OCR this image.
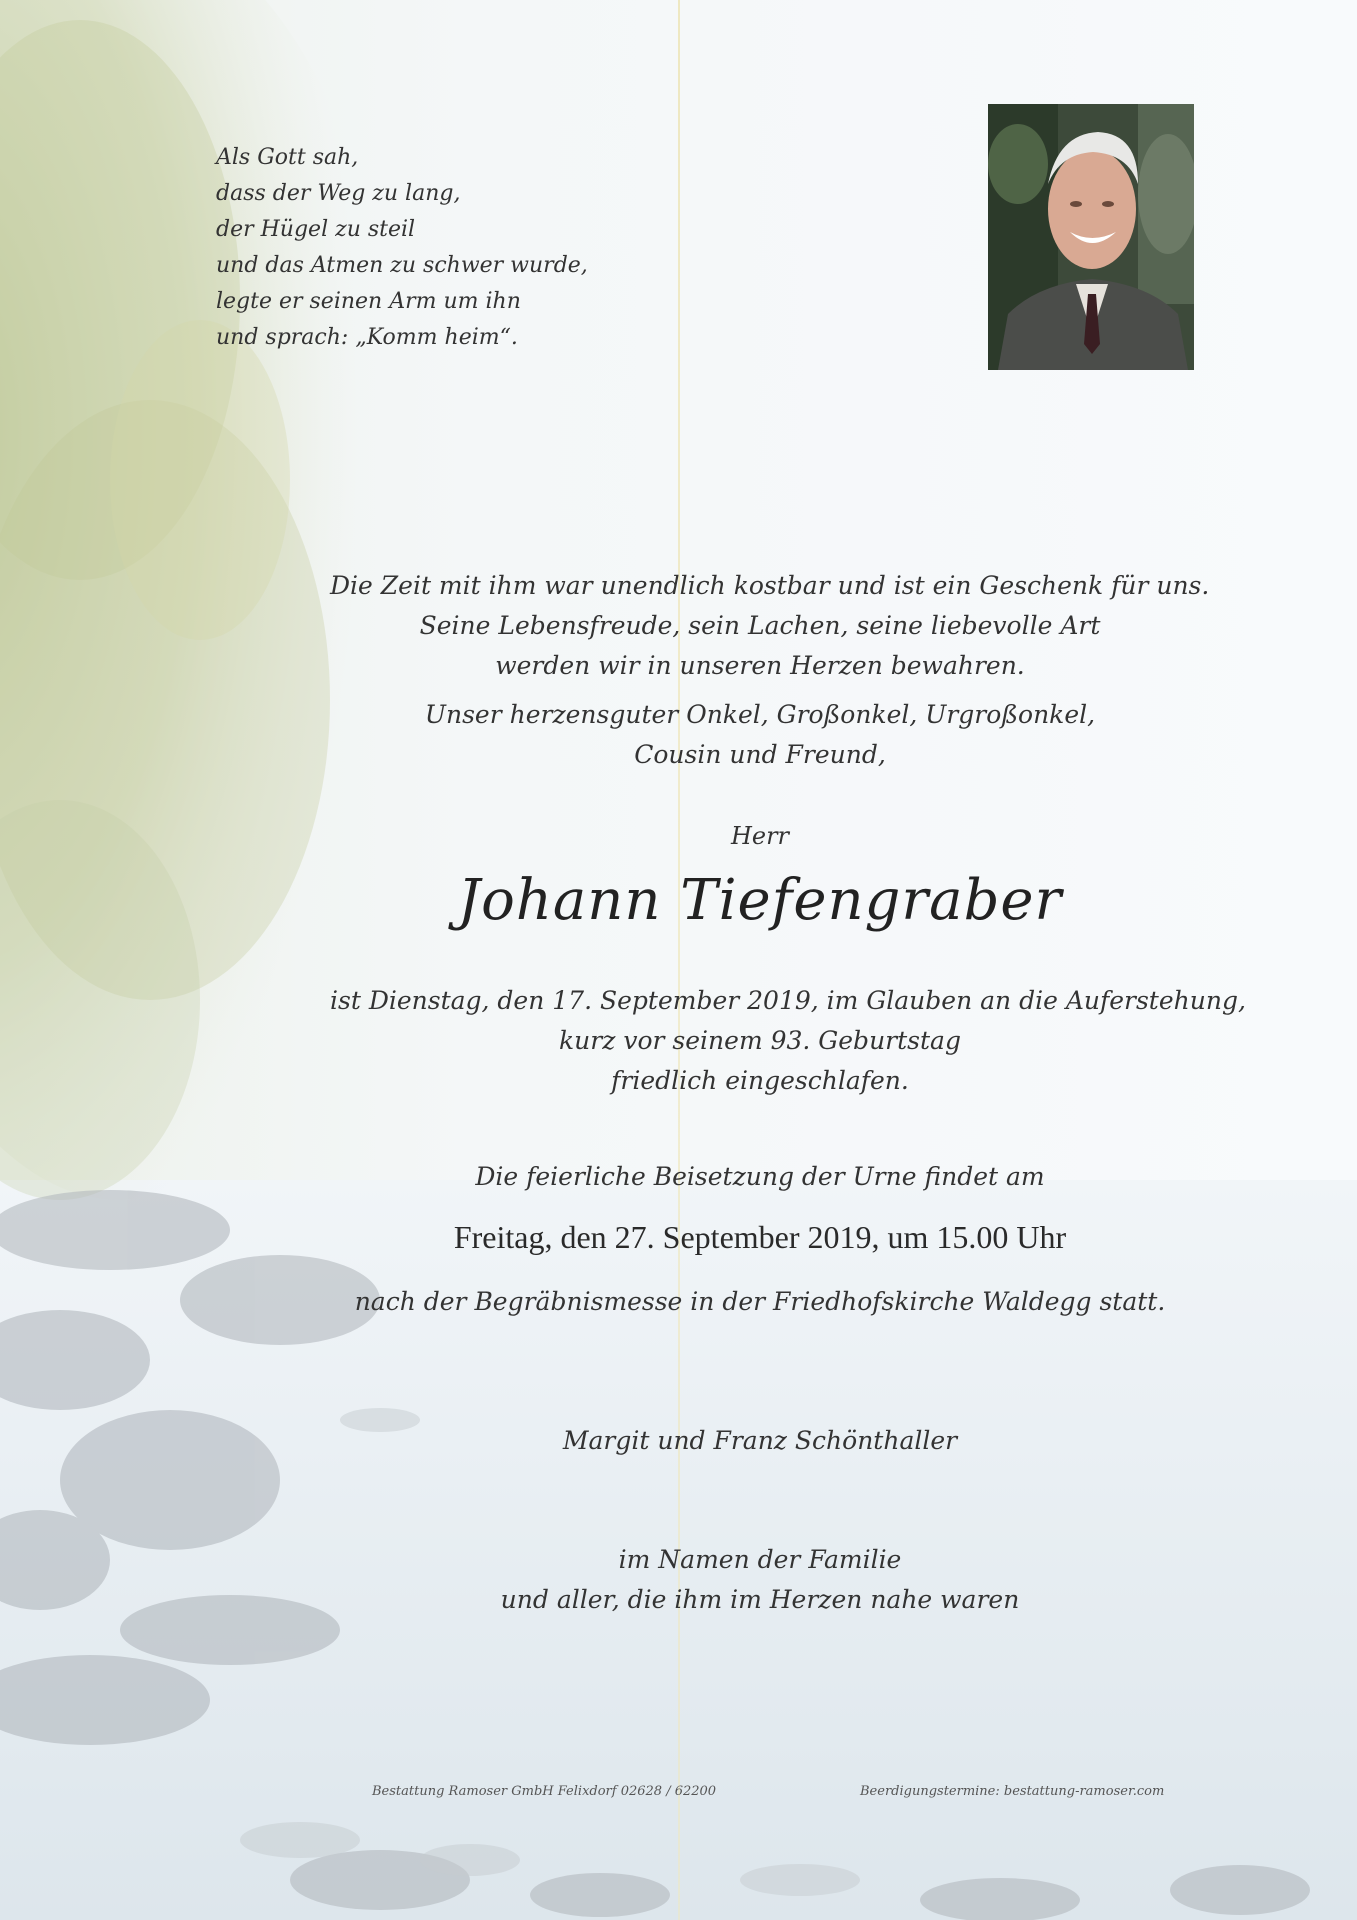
Als Gott sah,
dass der Weg zu lang,
der Hügel zu steil
und das Atmen zu schwer wurde,
legte er seinen Arm um ihn
und sprach: „Komm heim“.
Die Zeit mit ihm war unendlich kostbar und ist ein Geschenk für uns.
Seine Lebensfreude, sein Lachen, seine liebevolle Art
werden wir in unseren Herzen bewahren.
Unser herzensguter Onkel, Großonkel, Urgroßonkel,
Cousin und Freund,
Herr
Johann Tiefengraber
ist Dienstag, den 17. September 2019, im Glauben an die Auferstehung,
kurz vor seinem 93. Geburtstag
friedlich eingeschlafen.
Die feierliche Beisetzung der Urne findet am
Freitag, den 27. September 2019, um 15.00 Uhr
nach der Begräbnismesse in der Friedhofskirche Waldegg statt.
Margit und Franz Schönthaller
im Namen der Familie
und aller, die ihm im Herzen nahe waren
Bestattung Ramoser GmbH Felixdorf 02628 / 62200	Beerdigungstermine: bestattung-ramoser.com
